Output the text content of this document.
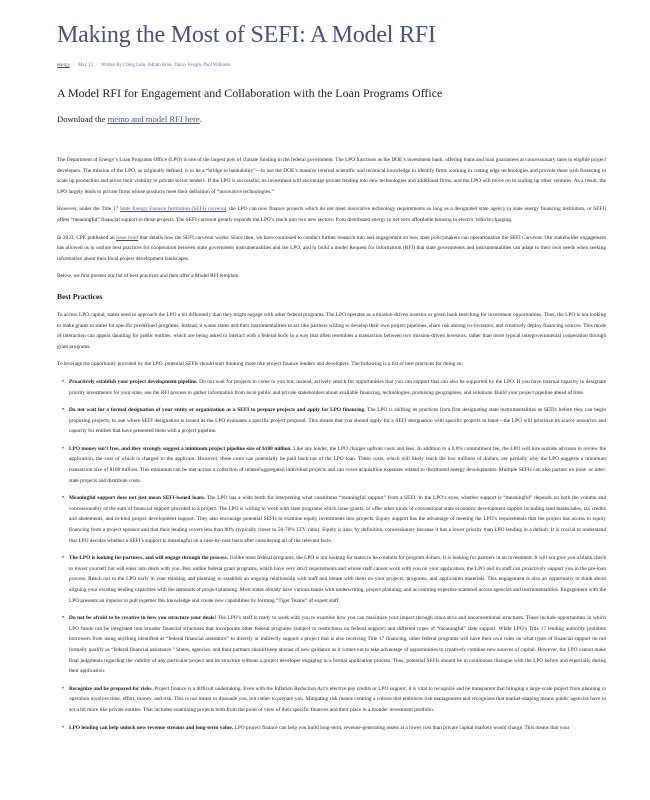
Making the Most of SEFI: A Model RFI
energy · May 13 · Written By Ching Lulu, Adrain Arias, Yakov Feygin, Paul Williams
A Model RFI for Engagement and Collaboration with the Loan Programs Office
Download the memo and model RFI here.

The Department of Energy’s Loan Programs Office (LPO) is one of the largest pots of climate funding in the federal government. The LPO functions as the DOE’s investment bank, offering loans and loan guarantees at concessionary rates to eligible project developers. The mission of the LPO, as originally defined, is to be a “bridge to bankability”—to use the DOE’s massive internal scientific and technical knowledge to identify firms working in cutting edge technologies and provide them with financing to scale up production and prove their viability to private sector lenders. If the LPO is successful, its investment will encourage private lending into new technologies and additional firms, and the LPO will move on to scaling up other ventures. As a result, the LPO largely lends to private firms whose products meet their definition of “innovative technologies.”

However, under the Title 17 State Energy Finance Institution (SEFI) carveout, the LPO can now finance projects which do not meet innovative technology requirements so long as a designated state agency (a state energy financing institution, or SEFI) offers “meaningful” financial support to those projects. The SEFI carveout greatly expands the LPO’s reach into two new sectors: from distributed energy to net-zero affordable housing to electric vehicle charging.

In 2023, CPE published an issue brief that details how the SEFI carveout works. Since then, we have continued to conduct further research into and engagement on how state policymakers can operationalize the SEFI Carveout. Our stakeholder engagement has allowed us to outline best practices for cooperation between state government instrumentalities and the LPO, and to build a model Request for Information (RFI) that state governments and instrumentalities can adapt to their own needs when seeking information about their local project development landscapes.

Below, we first present our list of best practices and then offer a Model RFI template.

Best Practices

To access LPO capital, states need to approach the LPO a bit differently than they might engage with other federal programs. The LPO operates as a mission-driven investor or green bank searching for investment opportunities. Thus, the LPO is not looking to make grants to states for specific predefined programs. Instead, it wants states and their instrumentalities to act like partners willing to develop their own project pipelines, share risk among co-investors, and creatively deploy financing sources. This mode of interaction can appear daunting for public entities, which are being asked to interact with a federal body in a way that often resembles a transaction between two mission-driven investors, rather than more typical intergovernmental cooperation through grant programs.

To leverage the opportunity provided by the LPO, potential SEFIs should start thinking more like project finance lenders and developers. The following is a list of best practices for doing so:

• Proactively establish your project development pipeline. Do not wait for projects to come to you but, instead, actively search for opportunities that you can support that can also be supported by the LPO. If you have internal capacity to designate priority investments for your state, use the RFI process to gather information from local public and private stakeholders about available financing, technologies, promising geographies, and solutions. Build your project pipeline ahead of time.
• Do not wait for a formal designation of your entity or organization as a SEFI to prepare projects and apply for LPO financing. The LPO is shifting its practices from first designating state instrumentalities as SEFIs before they can begin proposing projects, to one where SEFI designation is issued as the LPO evaluates a specific project proposal. This means that you should apply for a SEFI designation with specific projects in hand—the LPO will prioritize its scarce resources and capacity for entities that have presented them with a project pipeline.
• LPO money isn’t free, and they strongly suggest a minimum project pipeline size of $100 million. Like any lender, the LPO charges upfront costs and fees. In addition to a 0.6% commitment fee, the LPO will hire outside advisors to review the application, the cost of which is charged to the applicant. However, these costs can potentially be paid back out of the LPO loan. These costs, which will likely reach the low millions of dollars, are partially why the LPO suggests a minimum transaction size of $100 million. This minimum can be met across a collection of related/aggregated individual projects and can cover acquisition expenses related to distributed energy developments. Multiple SEFIs can also partner on joint- or inter-state projects and distribute costs.
• Meaningful support does not just mean SEFI-issued loans. The LPO has a wide berth for interpreting what constitutes “meaningful support” from a SEFI. In the LPO’s eyes, whether support is “meaningful” depends on both the volume and concessionality of the sum of financial support provided to a project. The LPO is willing to work with state programs which issue grants, or offer other kinds of conventional state economic development support including land leases/sales, tax credits and abatements, and in-kind project development support. They also encourage potential SEFIs to examine equity investments into projects. Equity support has the advantage of meeting the LPO’s requirements that the project has access to equity financing from a project sponsor and that their lending covers less than 80% (typically closer to 50-70% LTV ratio). Equity is also, by definition, concessionary because it has a lower priority than LPO lending in a default. It is crucial to understand that LPO decides whether a SEFI’s support is meaningful on a case-by-case basis after considering all of the relevant facts.
• The LPO is looking for partners, and will engage through the process. Unlike most federal programs, the LPO is not looking for states to be conduits for program dollars. It is looking for partners in an investment. It will not give you a blank check to invest yourself but will enter into deals with you. But, unlike federal grant programs, which have very strict requirements and whose staff cannot work with you on your application, the LPO and its staff can proactively support you in the pre-loan process. Reach out to the LPO early in your thinking and planning to establish an ongoing relationship with staff and iterate with them on your projects, programs, and application materials. This engagement is also an opportunity to think about aligning your existing lending capacities with the demands of project planning. Most states already have various teams with underwriting, project planning, and accounting expertise scattered across agencies and instrumentalities. Engagement with the LPO presents an impetus to pull together this knowledge and create new capabilities by forming “Tiger Teams” of expert staff.
• Do not be afraid to be creative in how you structure your deals! The LPO’s staff is ready to work with you to examine how you can maximize your impact through innovative and unconventional structures. These include opportunities in which LPO funds can be integrated into broader financial structures that incorporate other federal programs (subject to restrictions on federal support) and different types of “meaningful” state support. While LPO’s Title 17 lending authority prohibits borrowers from using anything identified as “federal financial assistance” to directly or indirectly support a project that is also receiving Title 17 financing, other federal programs will have their own rules on what types of financial support do not formally qualify as “federal financial assistance.” States, agencies, and their partners should keep abreast of new guidance as it comes out to take advantage of opportunities to creatively combine new sources of capital. However, the LPO cannot make final judgments regarding the validity of any particular project and its structure without a project developer engaging in a formal application process. Thus, potential SEFIs should be in continuous dialogue with the LPO before and especially during their application.
• Recognize and be prepared for risks. Project finance is a difficult undertaking. Even with the Inflation Reduction Act’s elective pay credits or LPO support, it is vital to recognize and be transparent that bringing a large-scale project from planning to operation involves time, effort, money, and risk. This is not meant to dissuade you, but rather to prepare you. Mitigating risk means creating a culture that embraces risk management and recognizes that market-shaping means public agencies have to act a bit more like private entities. That includes examining projects both from the point of view of their specific finances and their place in a broader investment portfolio.
• LPO lending can help unlock new revenue streams and long-term value. LPO project finance can help you build long-term, revenue-generating assets at a lower cost than private capital markets would charge. This means that your
